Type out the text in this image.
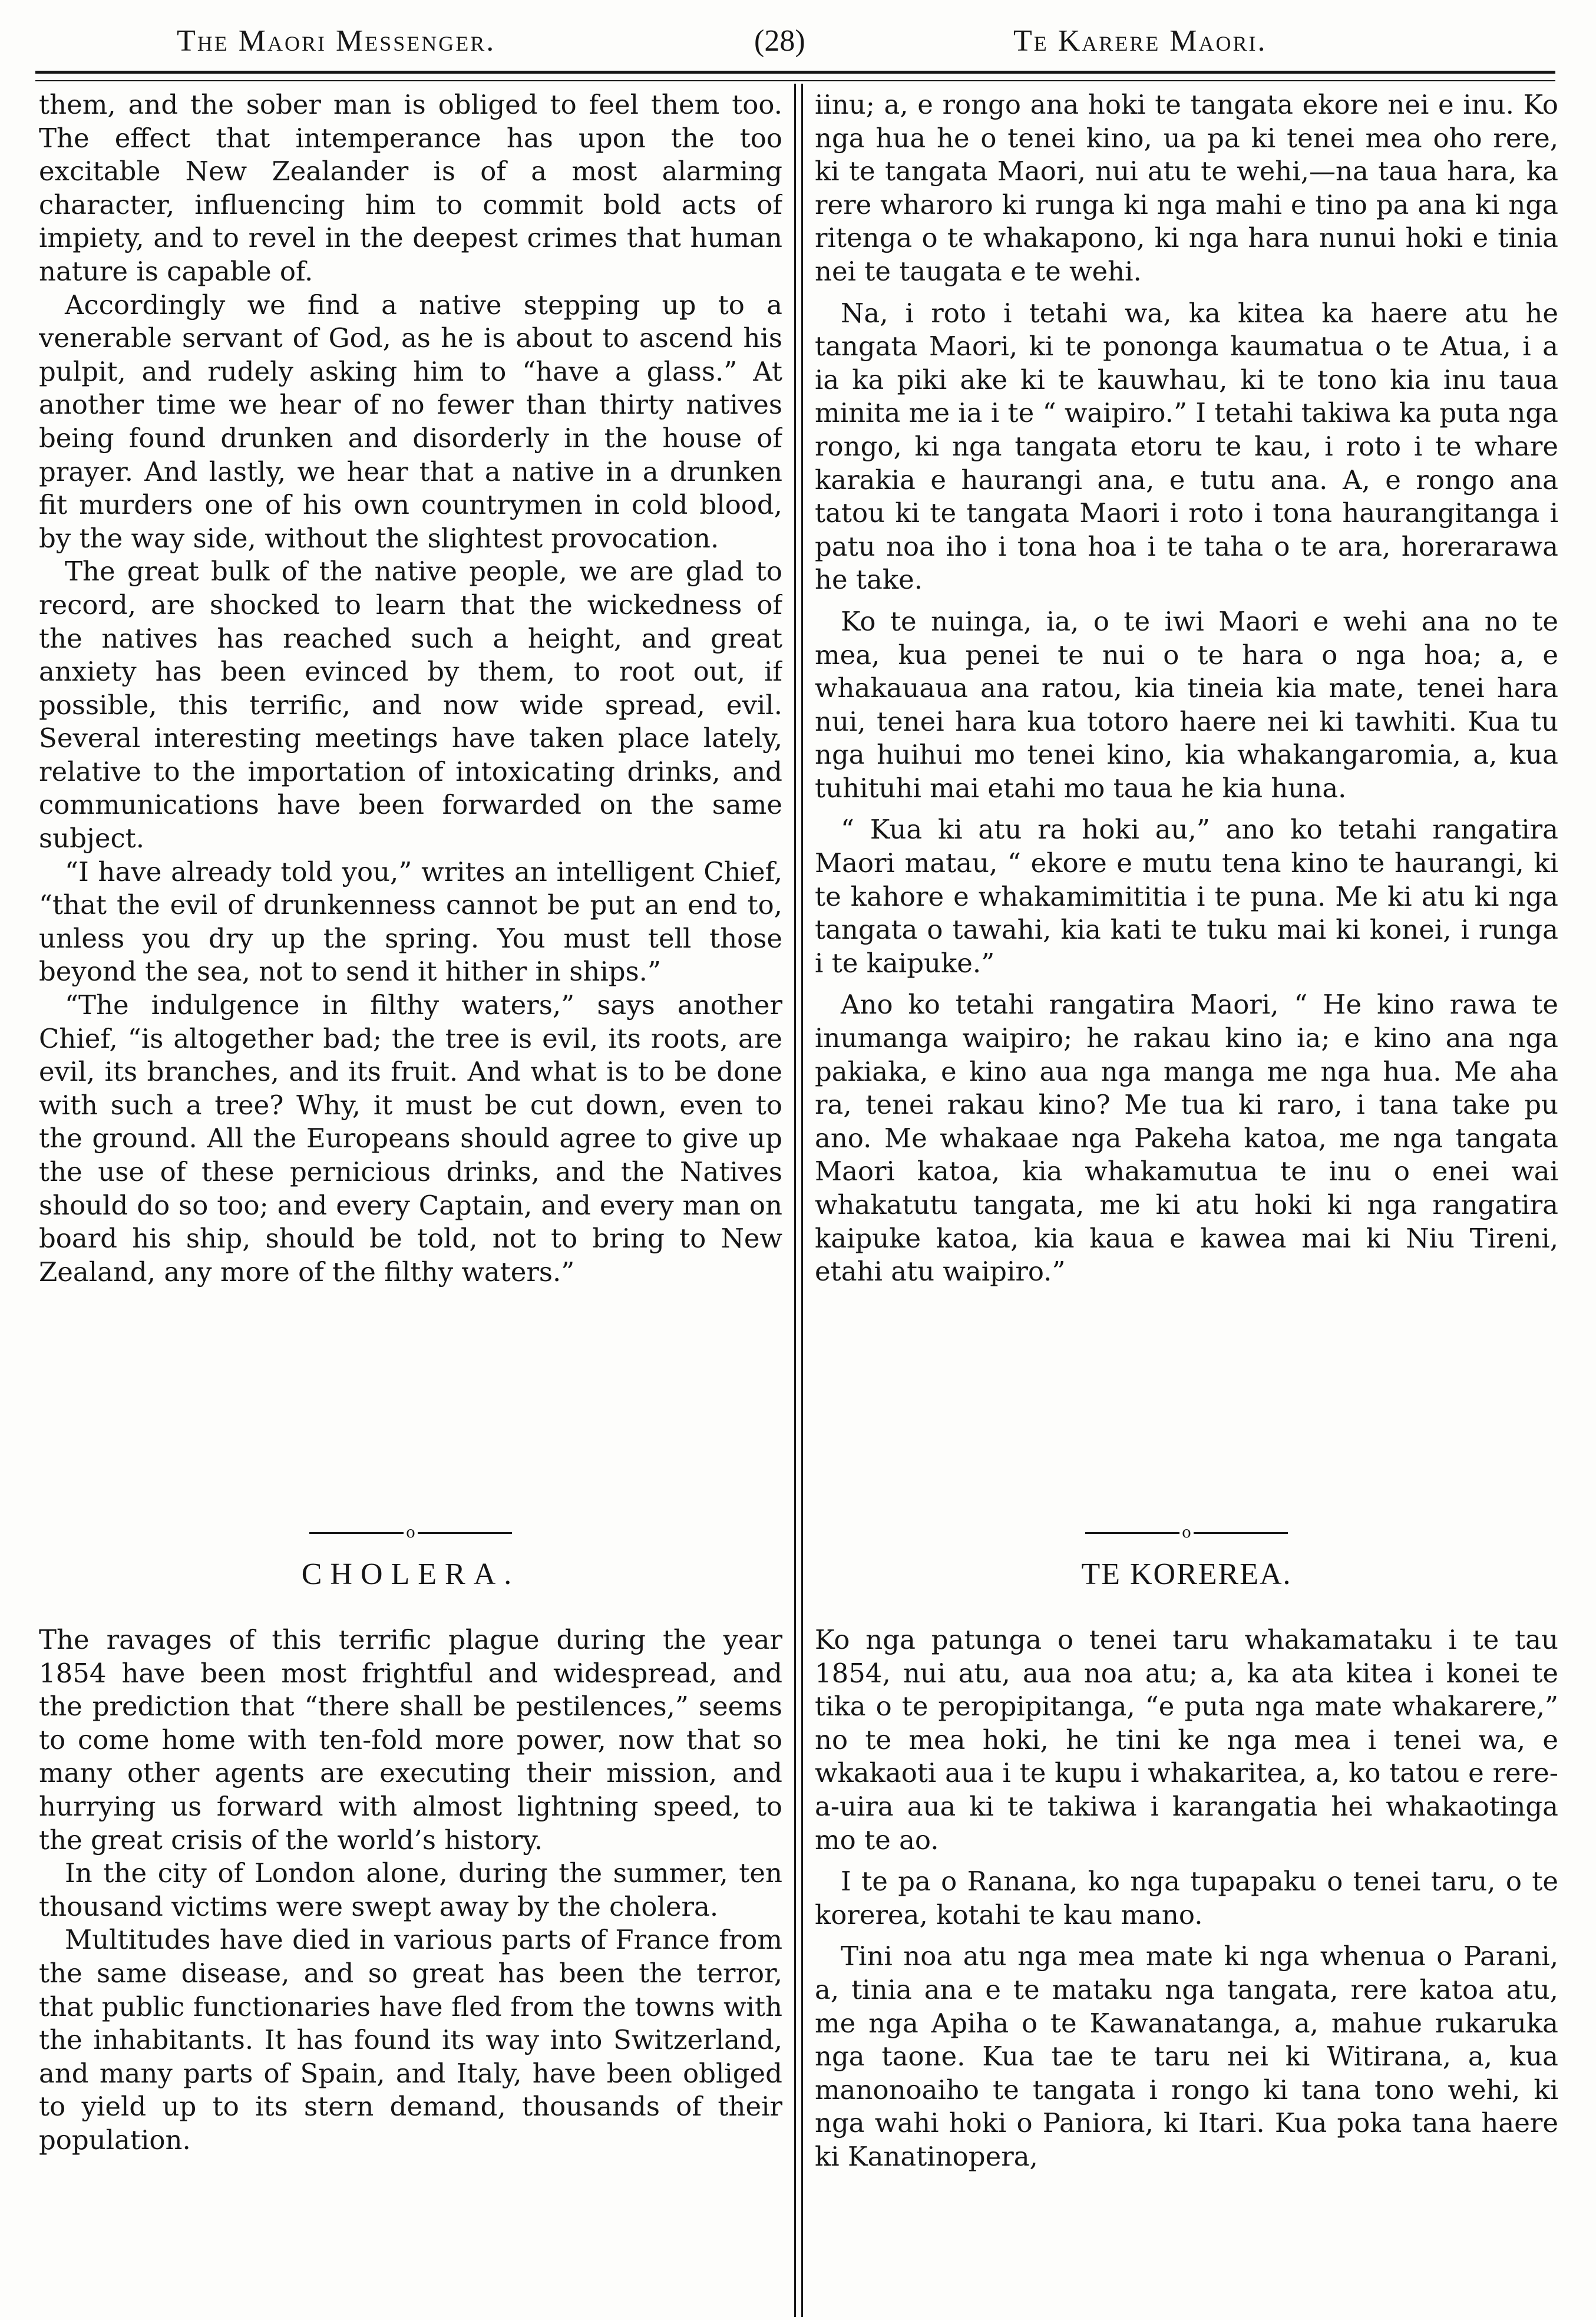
The Maori Messenger.	(28)	Te Karere Maori.

them, and the sober man is obliged to feel them too. The effect that intemperance has upon the too excitable New Zealander is of a most alarming character, influencing him to commit bold acts of impiety, and to revel in the deepest crimes that human nature is capable of.

Accordingly we find a native stepping up to a venerable servant of God, as he is about to ascend his pulpit, and rudely asking him to “have a glass.” At another time we hear of no fewer than thirty natives being found drunken and disorderly in the house of prayer. And lastly, we hear that a native in a drunken fit murders one of his own countrymen in cold blood, by the way side, without the slightest provocation.

The great bulk of the native people, we are glad to record, are shocked to learn that the wickedness of the natives has reached such a height, and great anxiety has been evinced by them, to root out, if possible, this terrific, and now wide spread, evil. Several interesting meetings have taken place lately, relative to the importation of intoxicating drinks, and communications have been forwarded on the same subject.

“I have already told you,” writes an intelligent Chief, “that the evil of drunkenness cannot be put an end to, unless you dry up the spring. You must tell those beyond the sea, not to send it hither in ships.”

“The indulgence in filthy waters,” says another Chief, “is altogether bad; the tree is evil, its roots, are evil, its branches, and its fruit. And what is to be done with such a tree? Why, it must be cut down, even to the ground. All the Europeans should agree to give up the use of these pernicious drinks, and the Natives should do so too; and every Captain, and every man on board his ship, should be told, not to bring to New Zealand, any more of the filthy waters.”

iinu; a, e rongo ana hoki te tangata ekore nei e inu. Ko nga hua he o tenei kino, ua pa ki tenei mea oho rere, ki te tangata Maori, nui atu te wehi,—na taua hara, ka rere wharoro ki runga ki nga mahi e tino pa ana ki nga ritenga o te whakapono, ki nga hara nunui hoki e tinia nei te taugata e te wehi.

Na, i roto i tetahi wa, ka kitea ka haere atu he tangata Maori, ki te pononga kaumatua o te Atua, i a ia ka piki ake ki te kauwhau, ki te tono kia inu taua minita me ia i te “ waipiro.” I tetahi takiwa ka puta nga rongo, ki nga tangata etoru te kau, i roto i te whare karakia e haurangi ana, e tutu ana. A, e rongo ana tatou ki te tangata Maori i roto i tona haurangitanga i patu noa iho i tona hoa i te taha o te ara, horerarawa he take.

Ko te nuinga, ia, o te iwi Maori e wehi ana no te mea, kua penei te nui o te hara o nga hoa; a, e whakauaua ana ratou, kia tineia kia mate, tenei hara nui, tenei hara kua totoro haere nei ki tawhiti. Kua tu nga huihui mo tenei kino, kia whakangaromia, a, kua tuhituhi mai etahi mo taua he kia huna.

“ Kua ki atu ra hoki au,” ano ko tetahi rangatira Maori matau, “ ekore e mutu tena kino te haurangi, ki te kahore e whakamimititia i te puna. Me ki atu ki nga tangata o tawahi, kia kati te tuku mai ki konei, i runga i te kaipuke.”

Ano ko tetahi rangatira Maori, “ He kino rawa te inumanga waipiro; he rakau kino ia; e kino ana nga pakiaka, e kino aua nga manga me nga hua. Me aha ra, tenei rakau kino? Me tua ki raro, i tana take pu ano. Me whakaae nga Pakeha katoa, me nga tangata Maori katoa, kia whakamutua te inu o enei wai whakatutu tangata, me ki atu hoki ki nga rangatira kaipuke katoa, kia kaua e kawea mai ki Niu Tireni, etahi atu waipiro.”

o	o
CHOLERA.	TE KOREREA.

The ravages of this terrific plague during the year 1854 have been most frightful and widespread, and the prediction that “there shall be pestilences,” seems to come home with ten-fold more power, now that so many other agents are executing their mission, and hurrying us forward with almost lightning speed, to the great crisis of the world’s history.

In the city of London alone, during the summer, ten thousand victims were swept away by the cholera.

Multitudes have died in various parts of France from the same disease, and so great has been the terror, that public functionaries have fled from the towns with the inhabitants. It has found its way into Switzerland, and many parts of Spain, and Italy, have been obliged to yield up to its stern demand, thousands of their population.

Ko nga patunga o tenei taru whakamataku i te tau 1854, nui atu, aua noa atu; a, ka ata kitea i konei te tika o te peropipitanga, “e puta nga mate whakarere,” no te mea hoki, he tini ke nga mea i tenei wa, e wkakaoti aua i te kupu i whakaritea, a, ko tatou e rere-a-uira aua ki te takiwa i karangatia hei whakaotinga mo te ao.

I te pa o Ranana, ko nga tupapaku o tenei taru, o te korerea, kotahi te kau mano.

Tini noa atu nga mea mate ki nga whenua o Parani, a, tinia ana e te mataku nga tangata, rere katoa atu, me nga Apiha o te Kawanatanga, a, mahue rukaruka nga taone. Kua tae te taru nei ki Witirana, a, kua manonoaiho te tangata i rongo ki tana tono wehi, ki nga wahi hoki o Paniora, ki Itari. Kua poka tana haere ki Kanatinopera,
